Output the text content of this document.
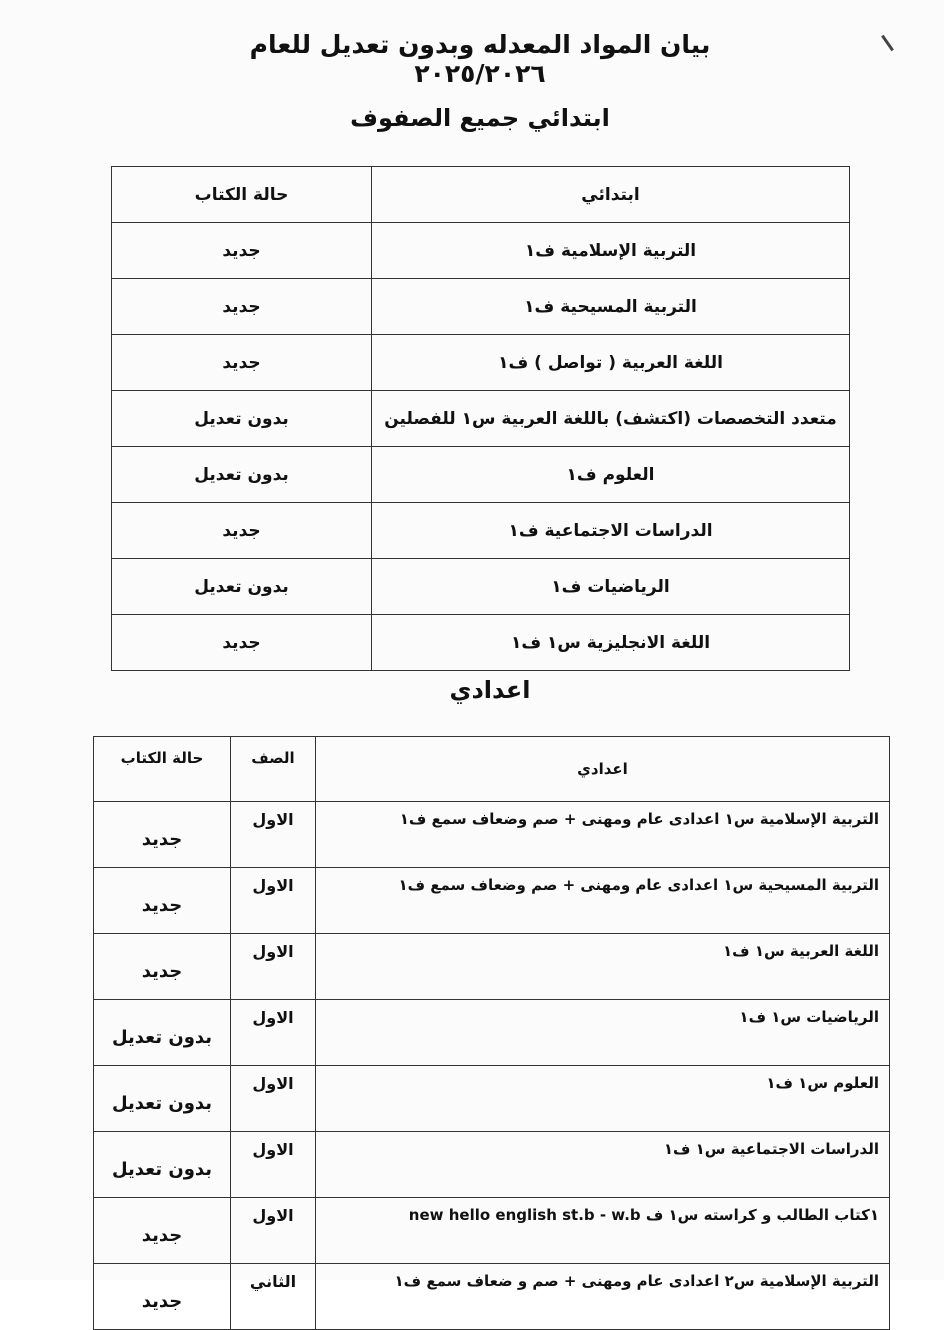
بيان المواد المعدله وبدون تعديل للعام ٢٠٢٥/٢٠٢٦
ابتدائي جميع الصفوف
ابتدائي	حالة الكتاب
التربية الإسلامية ف١	جديد
التربية المسيحية ف١	جديد
اللغة العربية ( تواصل ) ف١	جديد
متعدد التخصصات (اكتشف) باللغة العربية س١ للفصلين	بدون تعديل
العلوم ف١	بدون تعديل
الدراسات الاجتماعية ف١	جديد
الرياضيات ف١	بدون تعديل
اللغة الانجليزية س١ ف١	جديد
اعدادي
اعدادي	الصف	حالة الكتاب
التربية الإسلامية س١ اعدادى عام ومهنى + صم وضعاف سمع ف١	الاول	جديد
التربية المسيحية س١ اعدادى عام ومهنى + صم وضعاف سمع ف١	الاول	جديد
اللغة العربية س١ ف١	الاول	جديد
الرياضيات س١ ف١	الاول	بدون تعديل
العلوم س١ ف١	الاول	بدون تعديل
الدراسات الاجتماعية س١ ف١	الاول	بدون تعديل
١كتاب الطالب و كراسته س١ ف new hello english st.b - w.b	الاول	جديد
التربية الإسلامية س٢ اعدادى عام ومهنى + صم و ضعاف سمع ف١	الثاني	جديد
